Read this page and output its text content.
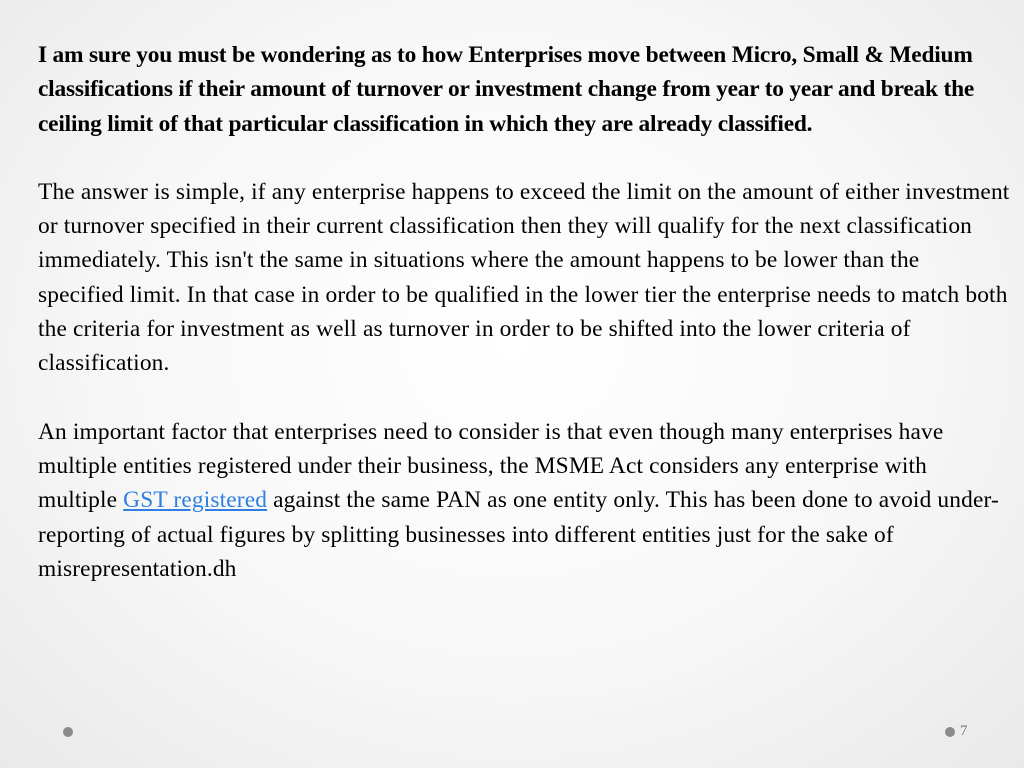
I am sure you must be wondering as to how Enterprises move between Micro, Small & Medium classifications if their amount of turnover or investment change from year to year and break the ceiling limit of that particular classification in which they are already classified.

The answer is simple, if any enterprise happens to exceed the limit on the amount of either investment or turnover specified in their current classification then they will qualify for the next classification immediately. This isn't the same in situations where the amount happens to be lower than the specified limit. In that case in order to be qualified in the lower tier the enterprise needs to match both the criteria for investment as well as turnover in order to be shifted into the lower criteria of classification.

An important factor that enterprises need to consider is that even though many enterprises have multiple entities registered under their business, the MSME Act considers any enterprise with multiple GST registered against the same PAN as one entity only. This has been done to avoid under-reporting of actual figures by splitting businesses into different entities just for the sake of misrepresentation.dh

7
